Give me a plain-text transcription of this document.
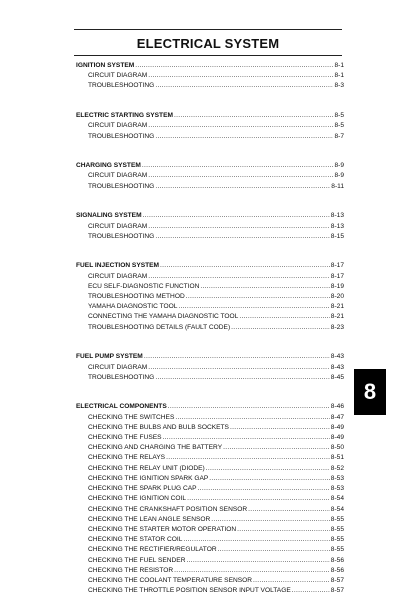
ELECTRICAL SYSTEM
IGNITION SYSTEM .....	8-1
CIRCUIT DIAGRAM .....	8-1
TROUBLESHOOTING .....	8-3
ELECTRIC STARTING SYSTEM .....	8-5
CIRCUIT DIAGRAM .....	8-5
TROUBLESHOOTING .....	8-7
CHARGING SYSTEM .....	8-9
CIRCUIT DIAGRAM .....	8-9
TROUBLESHOOTING .....	8-11
SIGNALING SYSTEM .....	8-13
CIRCUIT DIAGRAM .....	8-13
TROUBLESHOOTING .....	8-15
FUEL INJECTION SYSTEM .....	8-17
CIRCUIT DIAGRAM .....	8-17
ECU SELF-DIAGNOSTIC FUNCTION .....	8-19
TROUBLESHOOTING METHOD .....	8-20
YAMAHA DIAGNOSTIC TOOL .....	8-21
CONNECTING THE YAMAHA DIAGNOSTIC TOOL .....	8-21
TROUBLESHOOTING DETAILS (FAULT CODE) .....	8-23
FUEL PUMP SYSTEM .....	8-43
CIRCUIT DIAGRAM .....	8-43
TROUBLESHOOTING .....	8-45
ELECTRICAL COMPONENTS .....	8-46
CHECKING THE SWITCHES .....	8-47
CHECKING THE BULBS AND BULB SOCKETS .....	8-49
CHECKING THE FUSES .....	8-49
CHECKING AND CHARGING THE BATTERY .....	8-50
CHECKING THE RELAYS .....	8-51
CHECKING THE RELAY UNIT (DIODE) .....	8-52
CHECKING THE IGNITION SPARK GAP .....	8-53
CHECKING THE SPARK PLUG CAP .....	8-53
CHECKING THE IGNITION COIL .....	8-54
CHECKING THE CRANKSHAFT POSITION SENSOR .....	8-54
CHECKING THE LEAN ANGLE SENSOR .....	8-55
CHECKING THE STARTER MOTOR OPERATION .....	8-55
CHECKING THE STATOR COIL .....	8-55
CHECKING THE RECTIFIER/REGULATOR .....	8-55
CHECKING THE FUEL SENDER .....	8-56
CHECKING THE RESISTOR .....	8-56
CHECKING THE COOLANT TEMPERATURE SENSOR .....	8-57
CHECKING THE THROTTLE POSITION SENSOR INPUT VOLTAGE .....	8-57
8
